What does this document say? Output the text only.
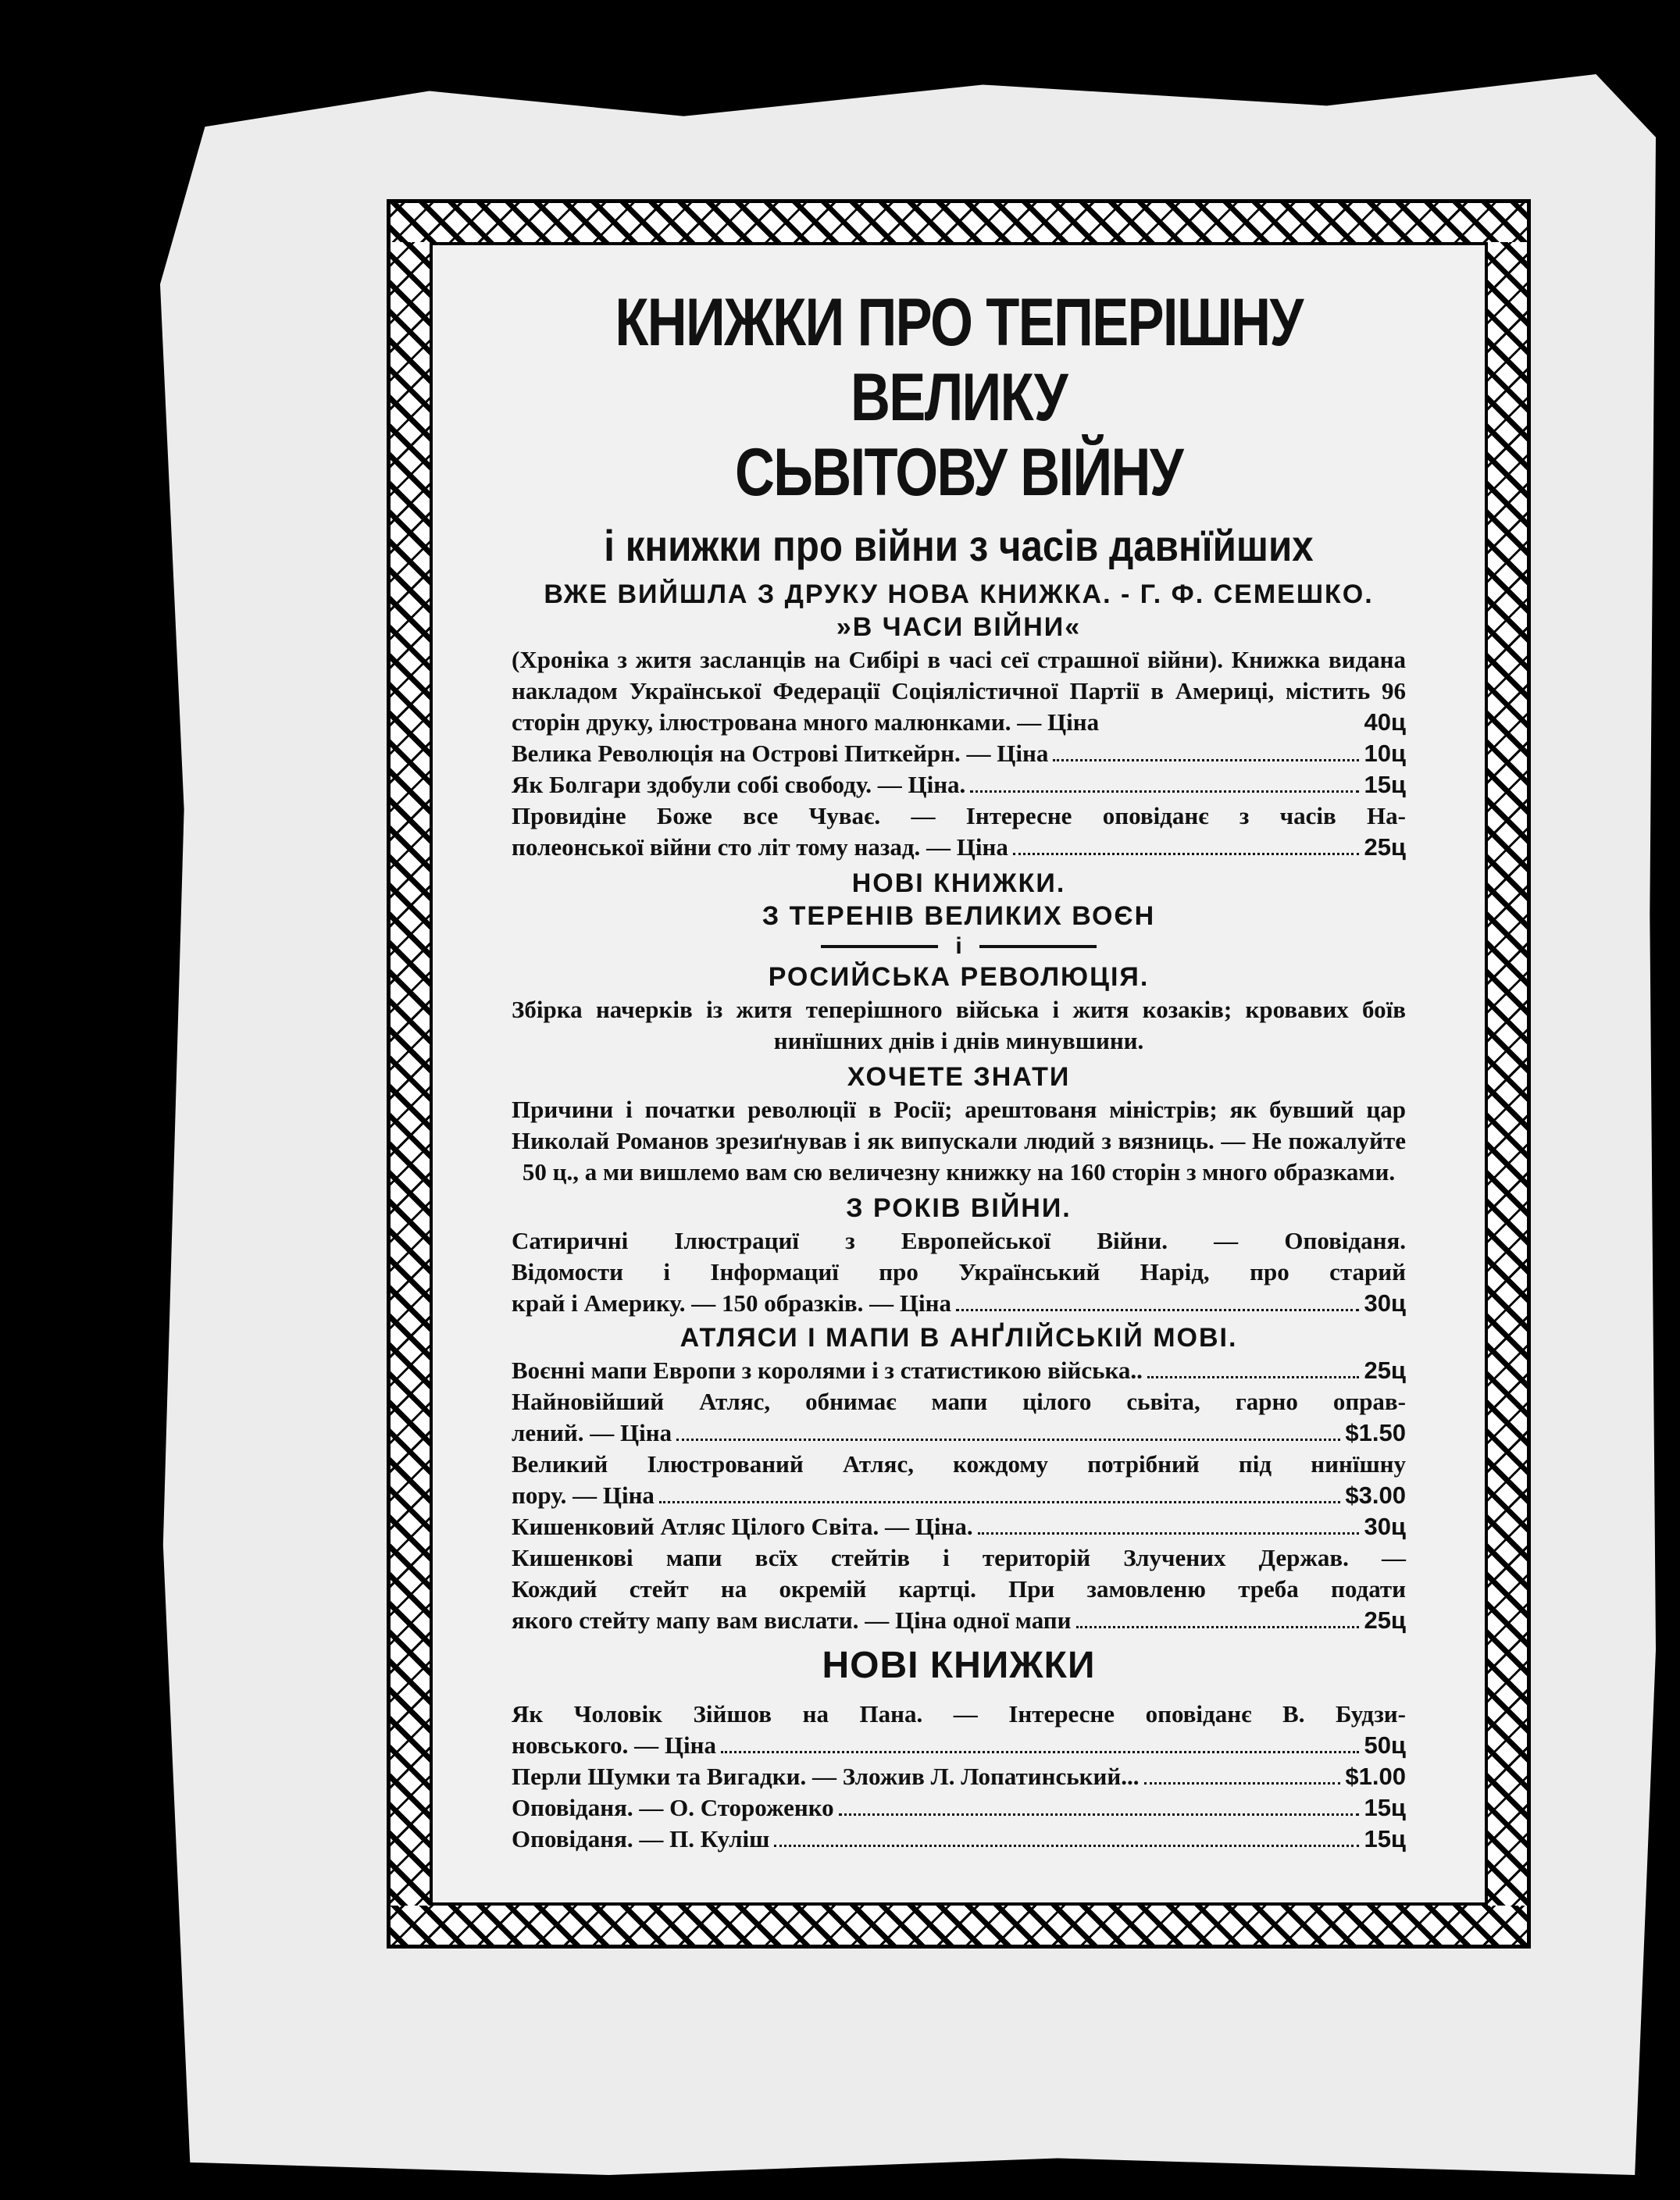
КНИЖКИ ПРО ТЕПЕРІШНУ ВЕЛИКУ
СЬВІТОВУ ВІЙНУ
і книжки про війни з часів давнїйших
ВЖЕ ВИЙШЛА З ДРУКУ НОВА КНИЖКА. - Г. Ф. СЕМЕШКО.
»В ЧАСИ ВІЙНИ«
(Хроніка з житя засланців на Сибірі в часі сеї страшної війни). Книжка видана накладом Української Федерації Соціялістичної Партії в Америці, містить 96 сторін друку, ілюстрована много малюнками. — Ціна	40ц
Велика Революція на Острові Питкейрн. — Ціна	10ц
Як Болгари здобули собі свободу. — Ціна.	15ц
Провидіне Боже все Чуває. — Інтересне оповіданє з часів На-
полеонської війни сто літ тому назад. — Ціна	25ц
НОВІ КНИЖКИ.
З ТЕРЕНІВ ВЕЛИКИХ ВОЄН
і
РОСИЙСЬКА РЕВОЛЮЦІЯ.

Збірка начерків із житя теперішного війська і житя козаків; кровавих боїв нинїшних днів і днів минувшини.

ХОЧЕТЕ ЗНАТИ

Причини і початки революції в Росії; арештованя міністрів; як бувший цар Николай Романов зрезиґнував і як випускали людий з вязниць. — Не пожалуйте 50 ц., а ми вишлемо вам сю величезну книжку на 160 сторін з много образками.

З РОКІВ ВІЙНИ.
Сатиричні Ілюстрациї з Европейської Війни. — Оповіданя.
Відомости і Інформациї про Український Нарід, про старий
край і Америку. — 150 образків. — Ціна	30ц
АТЛЯСИ І МАПИ В АНҐЛІЙСЬКІЙ МОВІ.
Воєнні мапи Европи з королями і з статистикою війська..	25ц
Найновійший Атляс, обнимає мапи цілого сьвіта, гарно оправ-
лений. — Ціна	$1.50
Великий Ілюстрований Атляс, кождому потрібний під нинїшну
пору. — Ціна	$3.00
Кишенковий Атляс Цілого Світа. — Ціна.	30ц
Кишенкові мапи всїх стейтів і територій Злучених Держав. —
Кождий стейт на окремій картці. При замовленю треба подати
якого стейту мапу вам вислати. — Ціна одної мапи	25ц
НОВІ КНИЖКИ
Як Чоловік Зійшов на Пана. — Інтересне оповіданє В. Будзи-
новського. — Ціна	50ц
Перли Шумки та Вигадки. — Зложив Л. Лопатинський...	$1.00
Оповіданя. — О. Стороженко	15ц
Оповіданя. — П. Куліш	15ц
